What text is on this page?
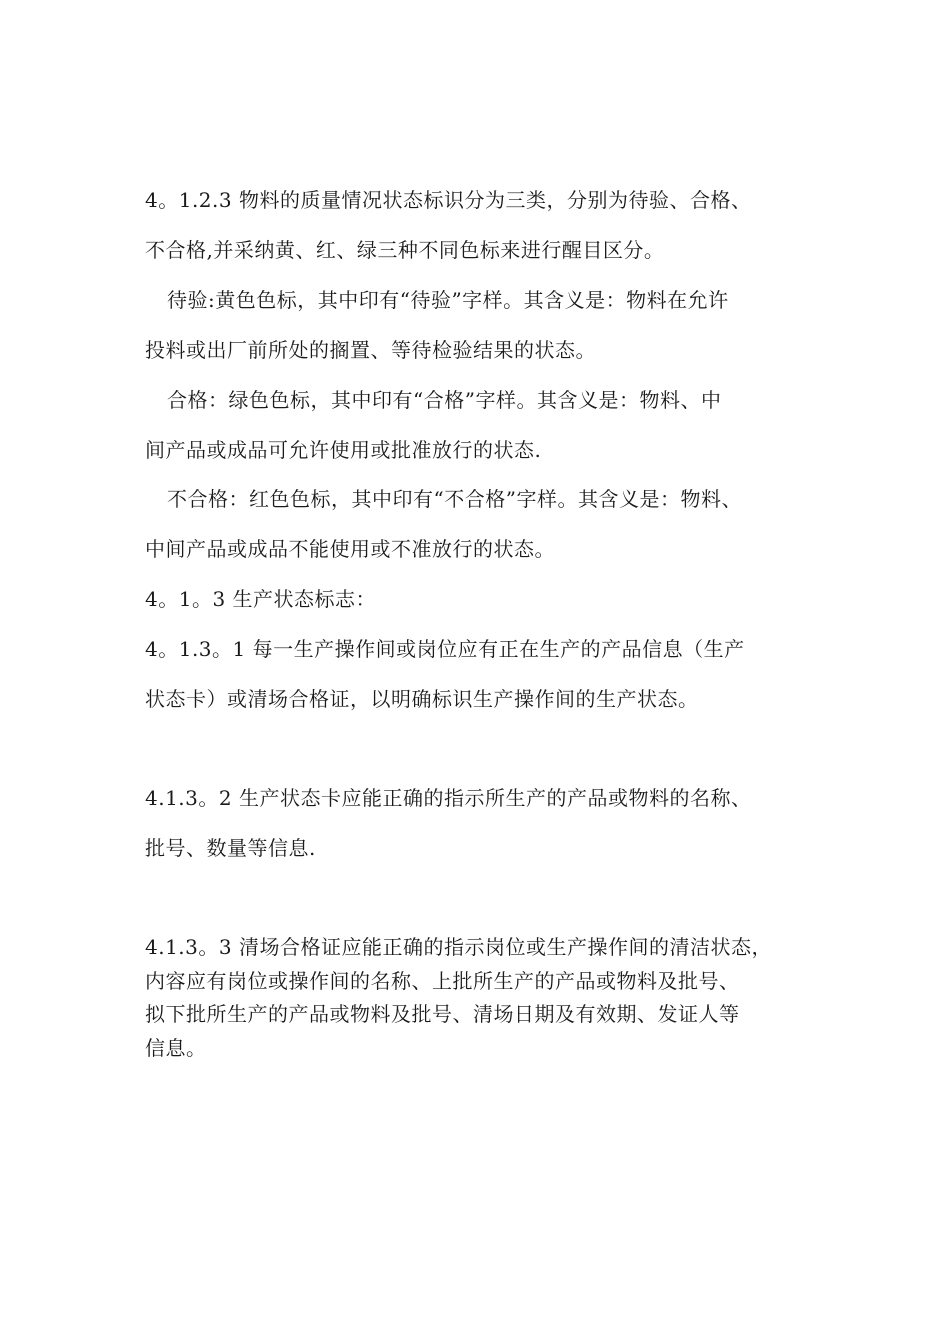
4。1.2.3 物料的质量情况状态标识分为三类，分别为待验、合格、
不合格,并采纳黄、红、绿三种不同色标来进行醒目区分。
待验:黄色色标，其中印有“待验”字样。其含义是：物料在允许
投料或出厂前所处的搁置、等待检验结果的状态。
合格：绿色色标，其中印有“合格”字样。其含义是：物料、中
间产品或成品可允许使用或批准放行的状态.
不合格：红色色标，其中印有“不合格”字样。其含义是：物料、
中间产品或成品不能使用或不准放行的状态。
4。1。3 生产状态标志：
4。1.3。1 每一生产操作间或岗位应有正在生产的产品信息（生产
状态卡）或清场合格证，以明确标识生产操作间的生产状态。
4.1.3。2 生产状态卡应能正确的指示所生产的产品或物料的名称、
批号、数量等信息.
4.1.3。3 清场合格证应能正确的指示岗位或生产操作间的清洁状态，
内容应有岗位或操作间的名称、上批所生产的产品或物料及批号、
拟下批所生产的产品或物料及批号、清场日期及有效期、发证人等
信息。
